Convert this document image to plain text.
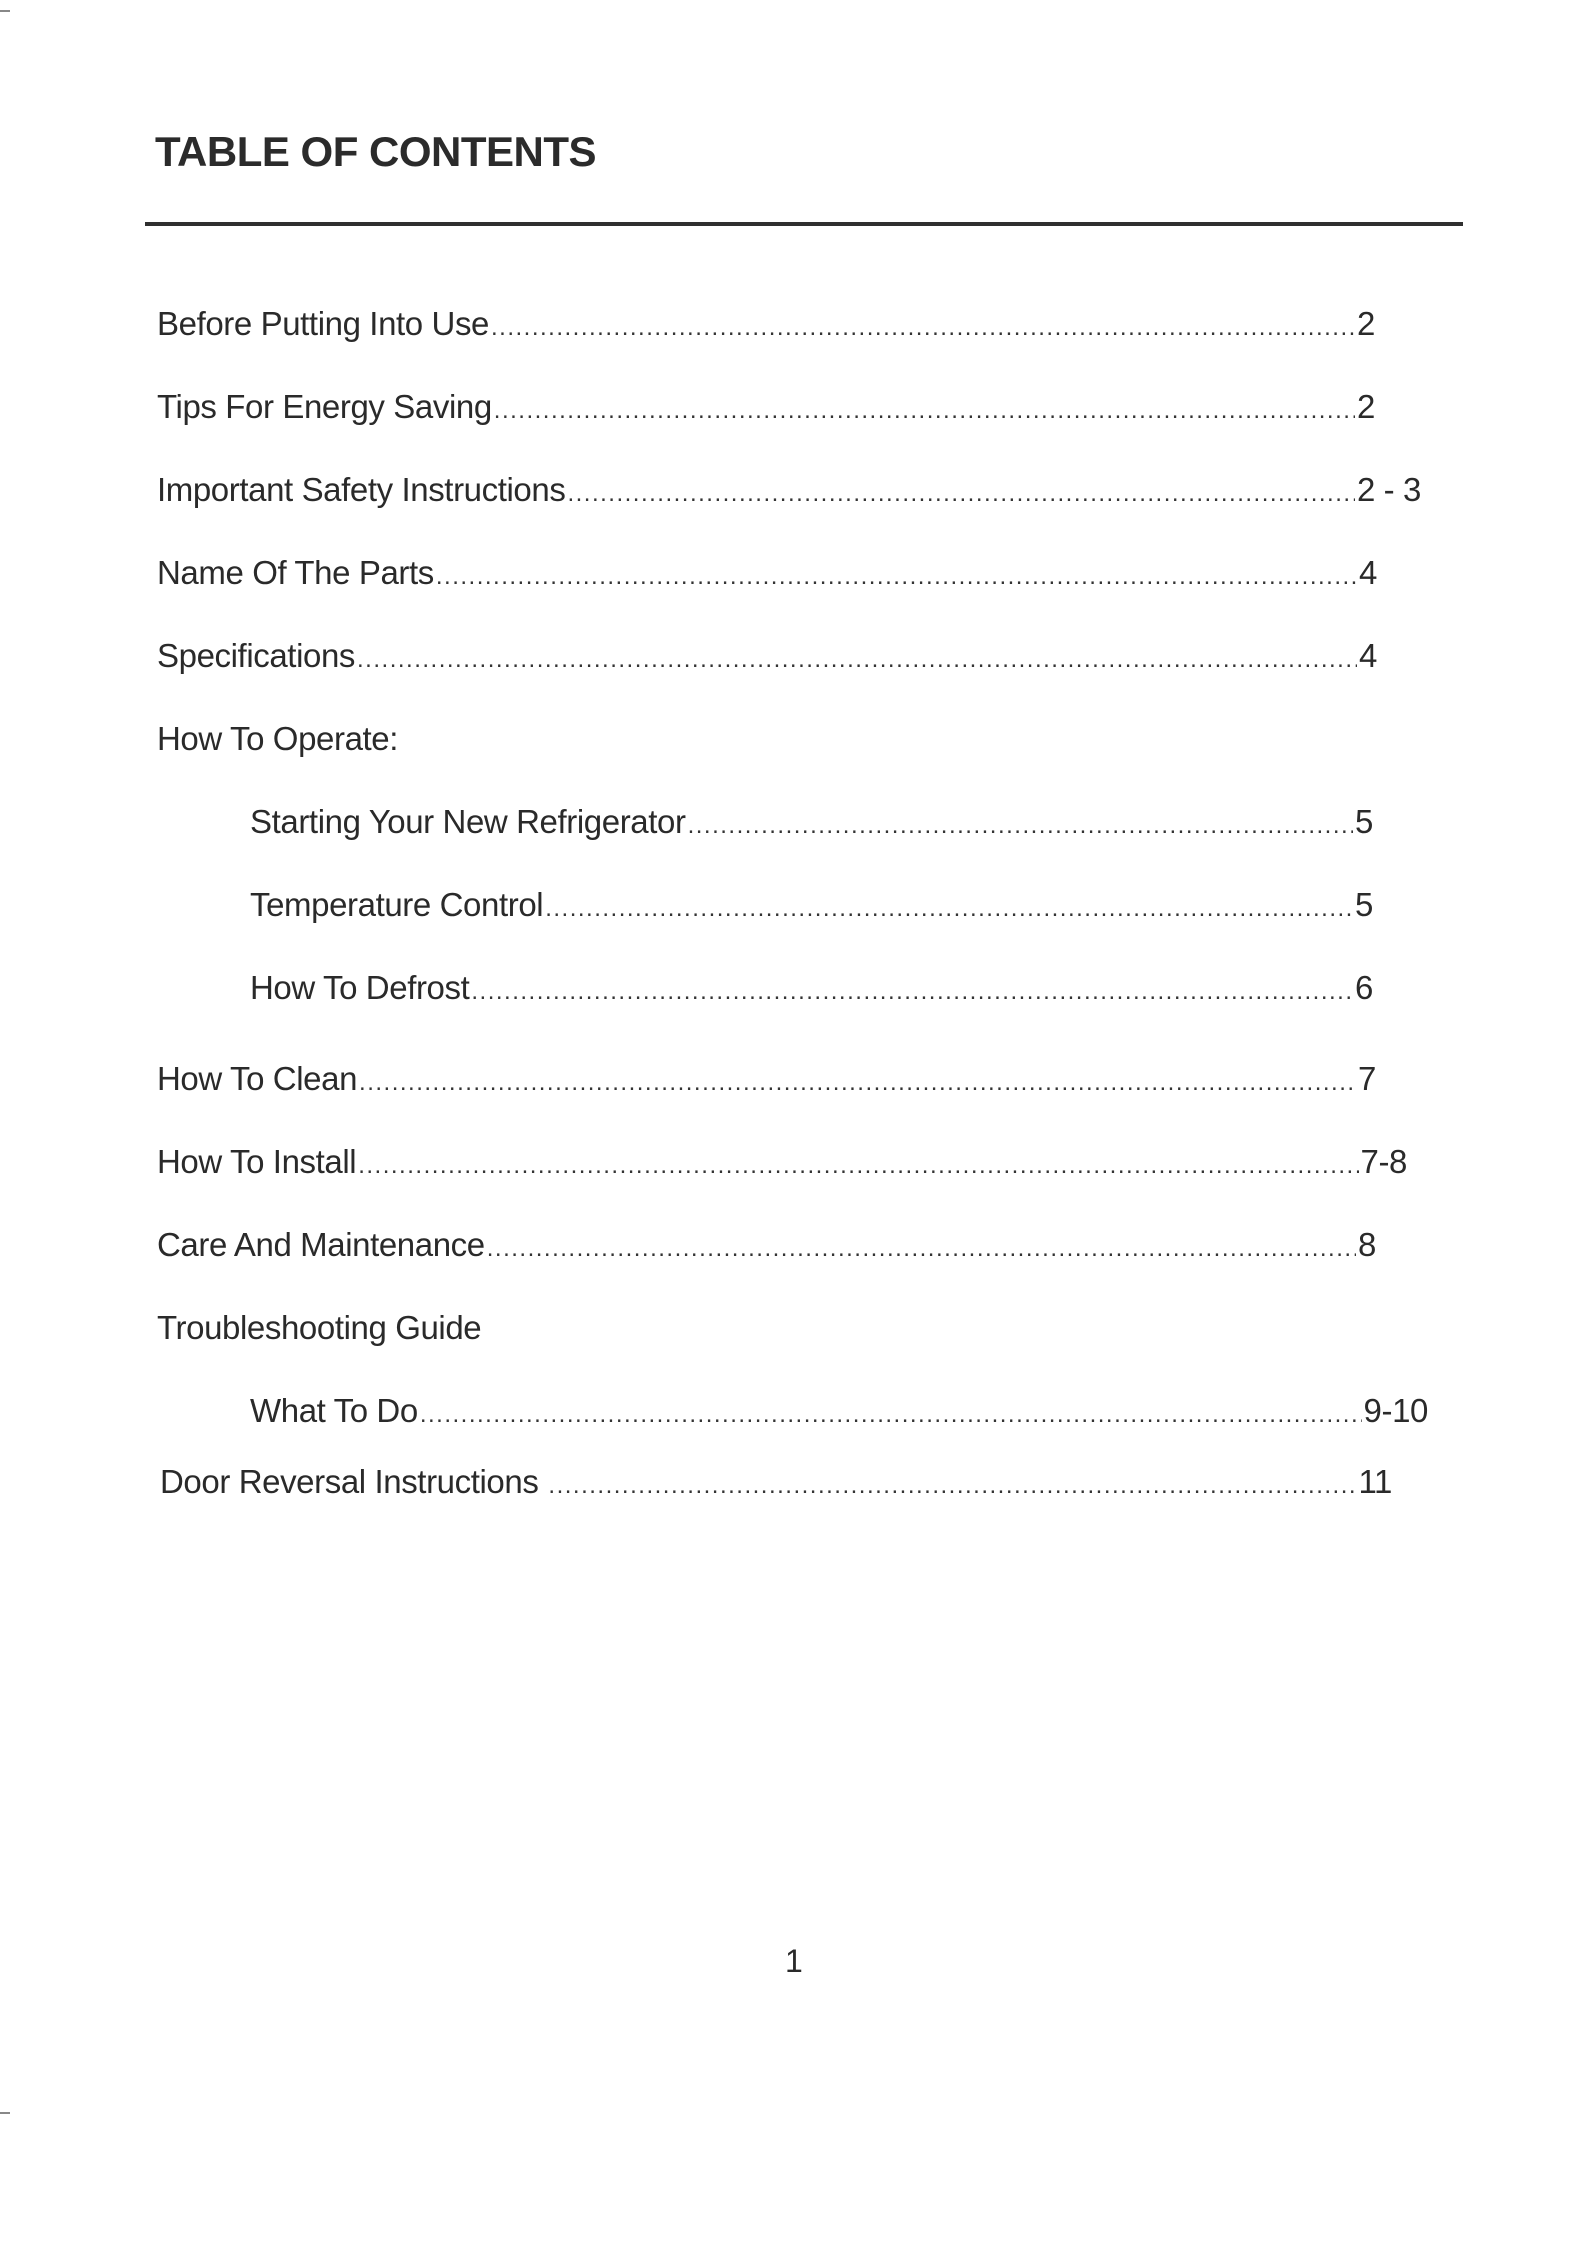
TABLE OF CONTENTS
Before Putting Into Use .....	2
Tips For Energy Saving .....	2
Important Safety Instructions .....	2 - 3
Name Of The Parts .....	4
Specifications .....	4
How To Operate:
Starting Your New Refrigerator .....	5
Temperature Control .....	5
How To Defrost .....	6
How To Clean .....	7
How To Install .....	7-8
Care And Maintenance .....	8
Troubleshooting Guide
What To Do .....	9-10
Door Reversal Instructions .....	11
1
